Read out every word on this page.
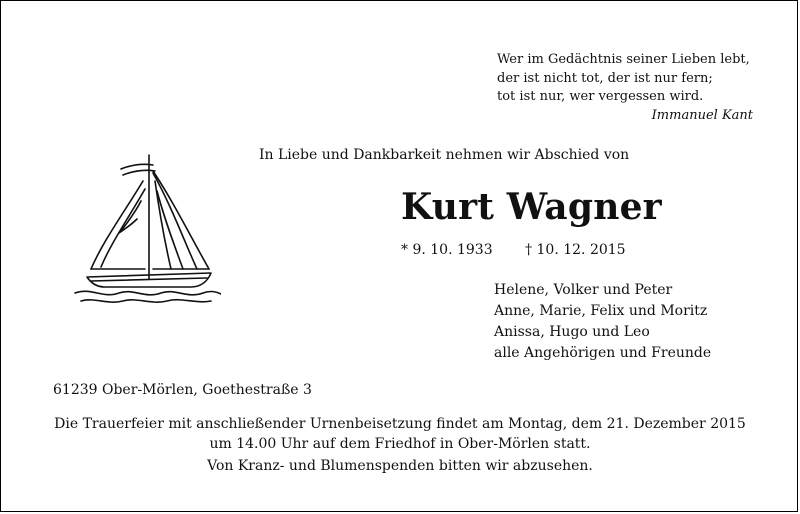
Wer im Gedächtnis seiner Lieben lebt,
der ist nicht tot, der ist nur fern;
tot ist nur, wer vergessen wird.
Immanuel Kant
In Liebe und Dankbarkeit nehmen wir Abschied von
Kurt Wagner
* 9. 10. 1933 † 10. 12. 2015
Helene, Volker und Peter
Anne, Marie, Felix und Moritz
Anissa, Hugo und Leo
alle Angehörigen und Freunde
61239 Ober-Mörlen, Goethestraße 3
Die Trauerfeier mit anschließender Urnenbeisetzung findet am Montag, dem 21. Dezember 2015
um 14.00 Uhr auf dem Friedhof in Ober-Mörlen statt.
Von Kranz- und Blumenspenden bitten wir abzusehen.
